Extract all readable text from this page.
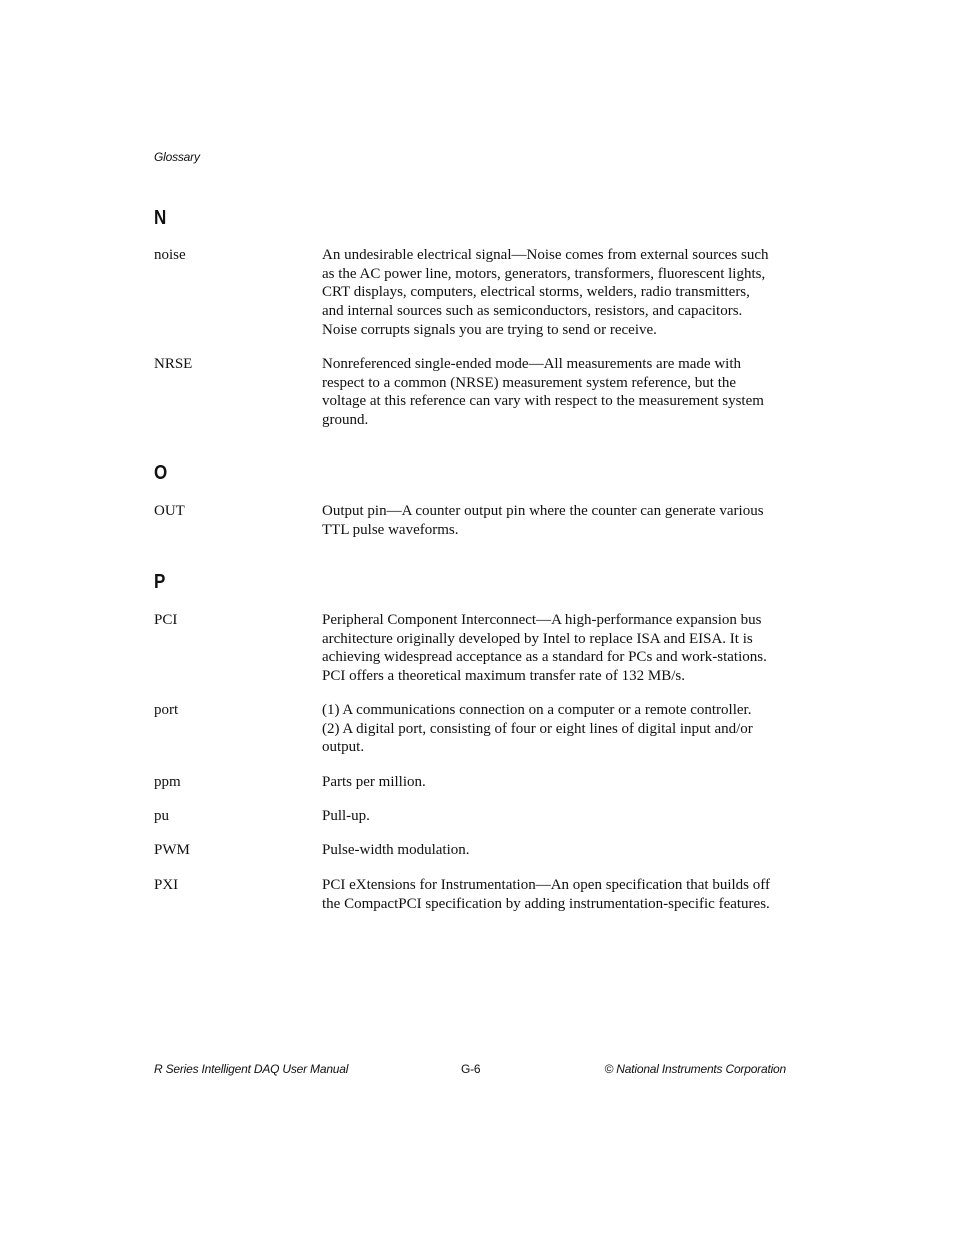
Glossary
N
noise	An undesirable electrical signal—Noise comes from external sources such
as the AC power line, motors, generators, transformers, fluorescent lights,
CRT displays, computers, electrical storms, welders, radio transmitters,
and internal sources such as semiconductors, resistors, and capacitors.
Noise corrupts signals you are trying to send or receive.
NRSE	Nonreferenced single-ended mode—All measurements are made with
respect to a common (NRSE) measurement system reference, but the
voltage at this reference can vary with respect to the measurement system
ground.
O
OUT	Output pin—A counter output pin where the counter can generate various
TTL pulse waveforms.
P
PCI	Peripheral Component Interconnect—A high-performance expansion bus
architecture originally developed by Intel to replace ISA and EISA. It is
achieving widespread acceptance as a standard for PCs and work-stations.
PCI offers a theoretical maximum transfer rate of 132 MB/s.
port	(1) A communications connection on a computer or a remote controller.
(2) A digital port, consisting of four or eight lines of digital input and/or
output.
ppm	Parts per million.
pu	Pull-up.
PWM	Pulse-width modulation.
PXI	PCI eXtensions for Instrumentation—An open specification that builds off
the CompactPCI specification by adding instrumentation-specific features.
R Series Intelligent DAQ User Manual	G-6	© National Instruments Corporation
